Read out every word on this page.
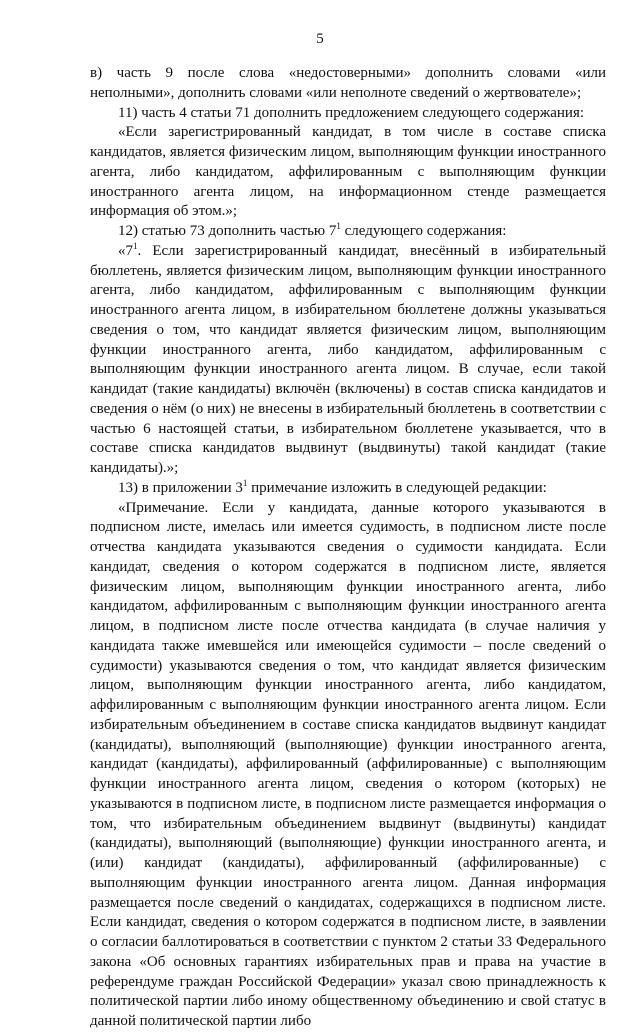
5

в) часть 9 после слова «недостоверными» дополнить словами «или неполными», дополнить словами «или неполноте сведений о жертвователе»;

11) часть 4 статьи 71 дополнить предложением следующего содержания:

«Если зарегистрированный кандидат, в том числе в составе списка кандидатов, является физическим лицом, выполняющим функции иностранного агента, либо кандидатом, аффилированным с выполняющим функции иностранного агента лицом, на информационном стенде размещается информация об этом.»;

12) статью 73 дополнить частью $7^1$ следующего содержания:

«$7^1$. Если зарегистрированный кандидат, внесённый в избирательный бюллетень, является физическим лицом, выполняющим функции иностранного агента, либо кандидатом, аффилированным с выполняющим функции иностранного агента лицом, в избирательном бюллетене должны указываться сведения о том, что кандидат является физическим лицом, выполняющим функции иностранного агента, либо кандидатом, аффилированным с выполняющим функции иностранного агента лицом. В случае, если такой кандидат (такие кандидаты) включён (включены) в состав списка кандидатов и сведения о нём (о них) не внесены в избирательный бюллетень в соответствии с частью 6 настоящей статьи, в избирательном бюллетене указывается, что в составе списка кандидатов выдвинут (выдвинуты) такой кандидат (такие кандидаты).»;

13) в приложении $3^1$ примечание изложить в следующей редакции:

«Примечание. Если у кандидата, данные которого указываются в подписном листе, имелась или имеется судимость, в подписном листе после отчества кандидата указываются сведения о судимости кандидата. Если кандидат, сведения о котором содержатся в подписном листе, является физическим лицом, выполняющим функции иностранного агента, либо кандидатом, аффилированным с выполняющим функции иностранного агента лицом, в подписном листе после отчества кандидата (в случае наличия у кандидата также имевшейся или имеющейся судимости – после сведений о судимости) указываются сведения о том, что кандидат является физическим лицом, выполняющим функции иностранного агента, либо кандидатом, аффилированным с выполняющим функции иностранного агента лицом. Если избирательным объединением в составе списка кандидатов выдвинут кандидат (кандидаты), выполняющий (выполняющие) функции иностранного агента, кандидат (кандидаты), аффилированный (аффилированные) с выполняющим функции иностранного агента лицом, сведения о котором (которых) не указываются в подписном листе, в подписном листе размещается информация о том, что избирательным объединением выдвинут (выдвинуты) кандидат (кандидаты), выполняющий (выполняющие) функции иностранного агента, и (или) кандидат (кандидаты), аффилированный (аффилированные) с выполняющим функции иностранного агента лицом. Данная информация размещается после сведений о кандидатах, содержащихся в подписном листе. Если кандидат, сведения о котором содержатся в подписном листе, в заявлении о согласии баллотироваться в соответствии с пунктом 2 статьи 33 Федерального закона «Об основных гарантиях избирательных прав и права на участие в референдуме граждан Российской Федерации» указал свою принадлежность к политической партии либо иному общественному объединению и свой статус в данной политической партии либо
